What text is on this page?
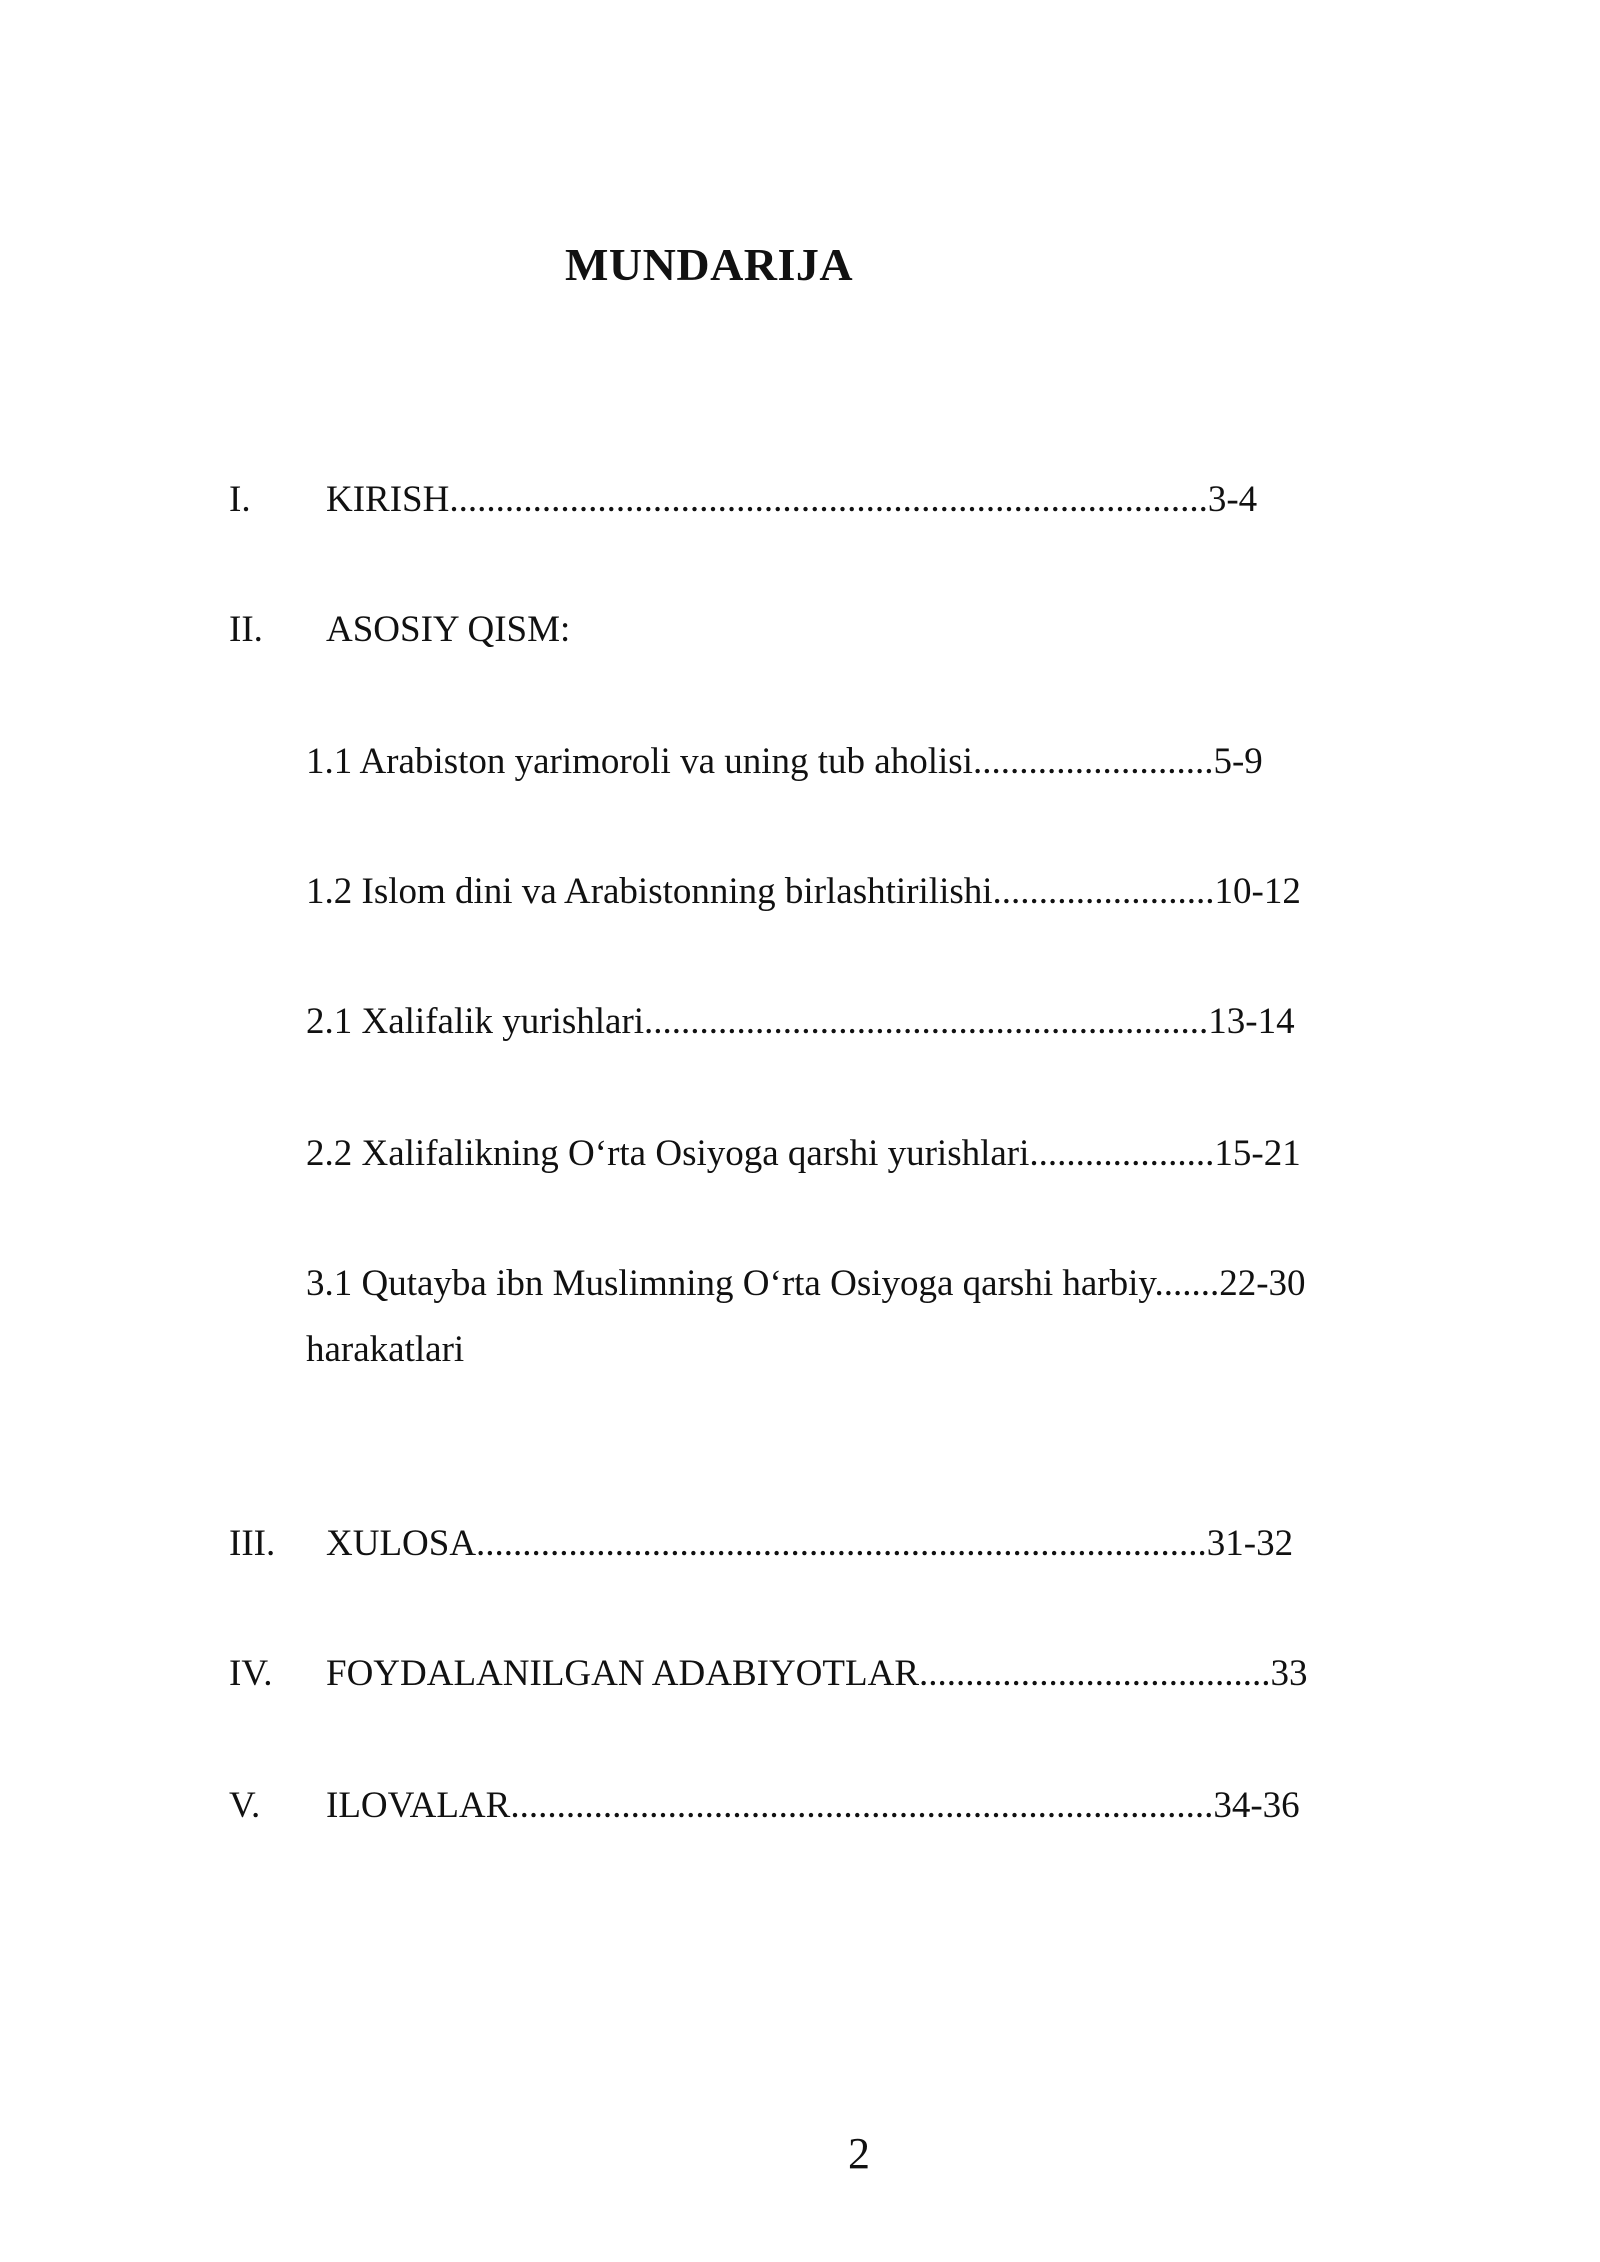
MUNDARIJA
I. KIRISH..................................................................................3-4
II. ASOSIY QISM:
1.1 Arabiston yarimoroli va uning tub aholisi..........................5-9
1.2 Islom dini va Arabistonning birlashtirilishi........................10-12
2.1 Xalifalik yurishlari.............................................................13-14
2.2 Xalifalikning O‘rta Osiyoga qarshi yurishlari....................15-21
3.1 Qutayba ibn Muslimning O‘rta Osiyoga qarshi harbiy.......22-30
harakatlari
III. XULOSA...............................................................................31-32
IV. FOYDALANILGAN ADABIYOTLAR......................................33
V. ILOVALAR............................................................................34-36
2
